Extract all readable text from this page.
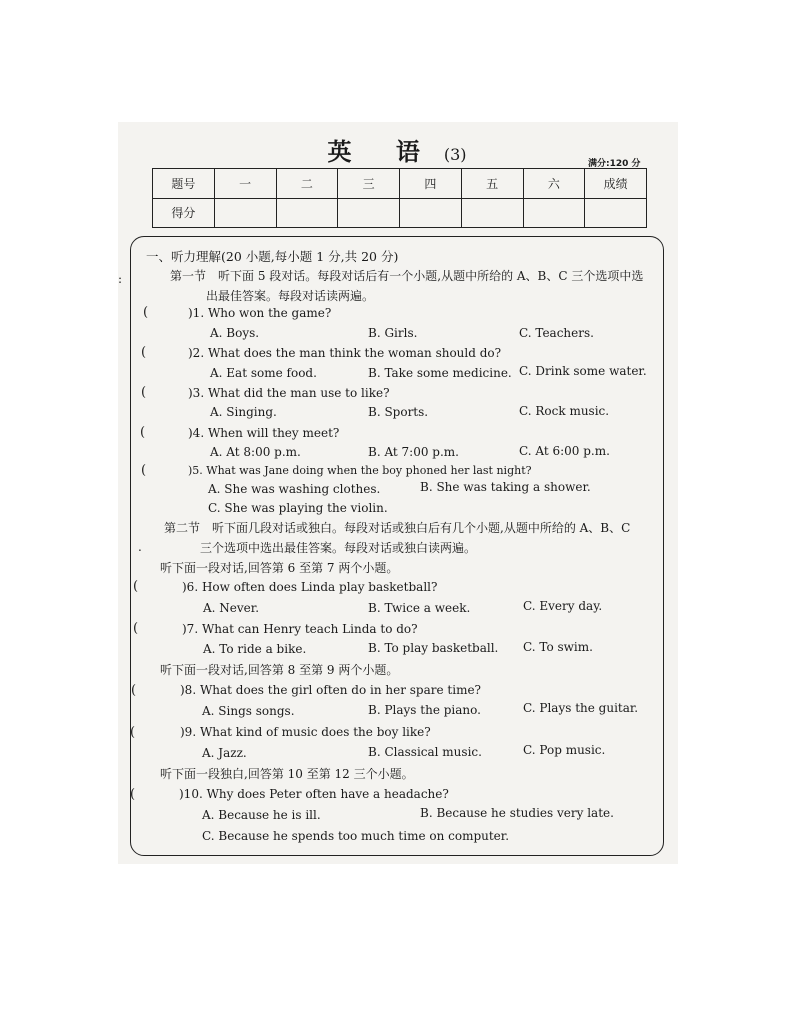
英 语 (3)	满分:120 分
题号	一	二	三	四	五	六	成绩
得分							
:
.
一、听力理解(20 小题,每小题 1 分,共 20 分)
第一节　听下面 5 段对话。每段对话后有一个小题,从题中所给的 A、B、C 三个选项中选
出最佳答案。每段对话读两遍。
(	)1. Who won the game?
A. Boys.	B. Girls.	C. Teachers.
(	)2. What does the man think the woman should do?
A. Eat some food.	B. Take some medicine. C. Drink some water.
(	)3. What did the man use to like?
A. Singing.	B. Sports.	C. Rock music.
(	)4. When will they meet?
A. At 8:00 p.m.	B. At 7:00 p.m.	C. At 6:00 p.m.
(	)5. What was Jane doing when the boy phoned her last night?
A. She was washing clothes.	B. She was taking a shower.
C. She was playing the violin.
第二节　听下面几段对话或独白。每段对话或独白后有几个小题,从题中所给的 A、B、C
三个选项中选出最佳答案。每段对话或独白读两遍。
听下面一段对话,回答第 6 至第 7 两个小题。
(	)6. How often does Linda play basketball?
A. Never.	B. Twice a week.	C. Every day.
(	)7. What can Henry teach Linda to do?
A. To ride a bike.	B. To play basketball. C. To swim.
听下面一段对话,回答第 8 至第 9 两个小题。
(	)8. What does the girl often do in her spare time?
A. Sings songs.	B. Plays the piano.	C. Plays the guitar.
(	)9. What kind of music does the boy like?
A. Jazz.	B. Classical music.	C. Pop music.
听下面一段独白,回答第 10 至第 12 三个小题。
(	)10. Why does Peter often have a headache?
A. Because he is ill.	B. Because he studies very late.
C. Because he spends too much time on computer.
